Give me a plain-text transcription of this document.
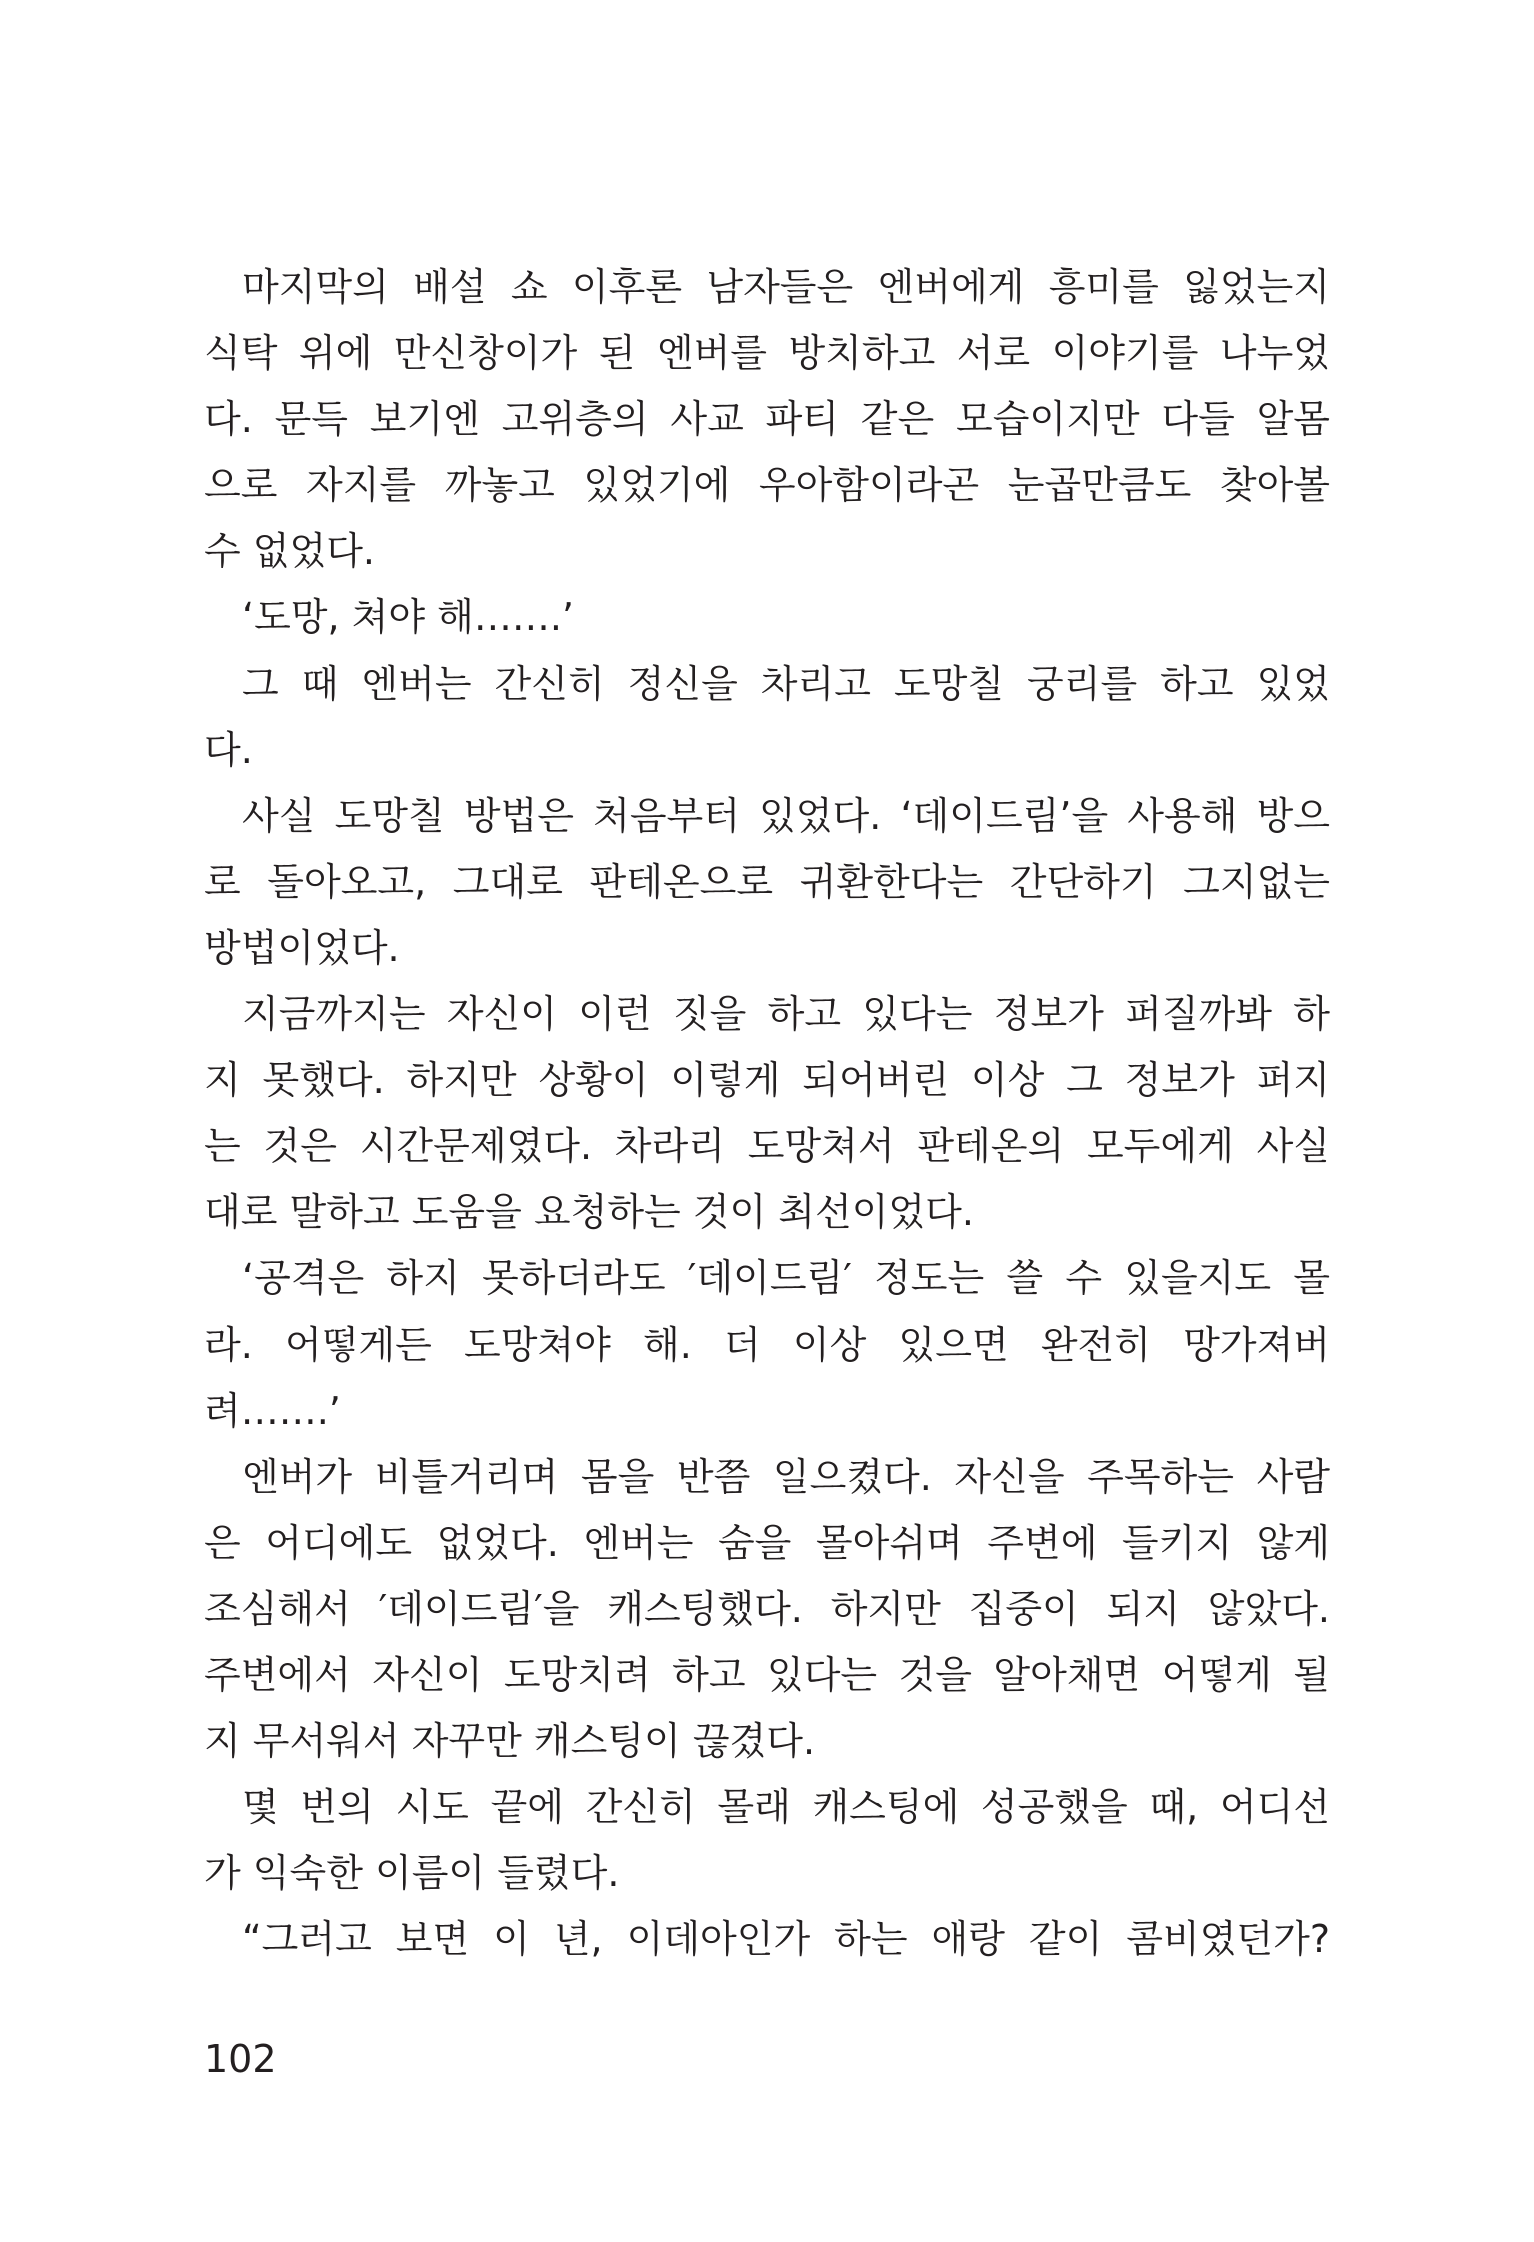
마지막의 배설 쇼 이후론 남자들은 엔버에게 흥미를 잃었는지
식탁 위에 만신창이가 된 엔버를 방치하고 서로 이야기를 나누었
다. 문득 보기엔 고위층의 사교 파티 같은 모습이지만 다들 알몸
으로 자지를 까놓고 있었기에 우아함이라곤 눈곱만큼도 찾아볼
수 없었다.
‘도망, 쳐야 해…….’
그 때 엔버는 간신히 정신을 차리고 도망칠 궁리를 하고 있었
다.
사실 도망칠 방법은 처음부터 있었다. ‘데이드림’을 사용해 방으
로 돌아오고, 그대로 판테온으로 귀환한다는 간단하기 그지없는
방법이었다.
지금까지는 자신이 이런 짓을 하고 있다는 정보가 퍼질까봐 하
지 못했다. 하지만 상황이 이렇게 되어버린 이상 그 정보가 퍼지
는 것은 시간문제였다. 차라리 도망쳐서 판테온의 모두에게 사실
대로 말하고 도움을 요청하는 것이 최선이었다.
‘공격은 하지 못하더라도 ′데이드림′ 정도는 쓸 수 있을지도 몰
라. 어떻게든 도망쳐야 해. 더 이상 있으면 완전히 망가져버
려…….’
엔버가 비틀거리며 몸을 반쯤 일으켰다. 자신을 주목하는 사람
은 어디에도 없었다. 엔버는 숨을 몰아쉬며 주변에 들키지 않게
조심해서 ′데이드림′을 캐스팅했다. 하지만 집중이 되지 않았다.
주변에서 자신이 도망치려 하고 있다는 것을 알아채면 어떻게 될
지 무서워서 자꾸만 캐스팅이 끊겼다.
몇 번의 시도 끝에 간신히 몰래 캐스팅에 성공했을 때, 어디선
가 익숙한 이름이 들렸다.
“그러고 보면 이 년, 이데아인가 하는 애랑 같이 콤비였던가?
102
